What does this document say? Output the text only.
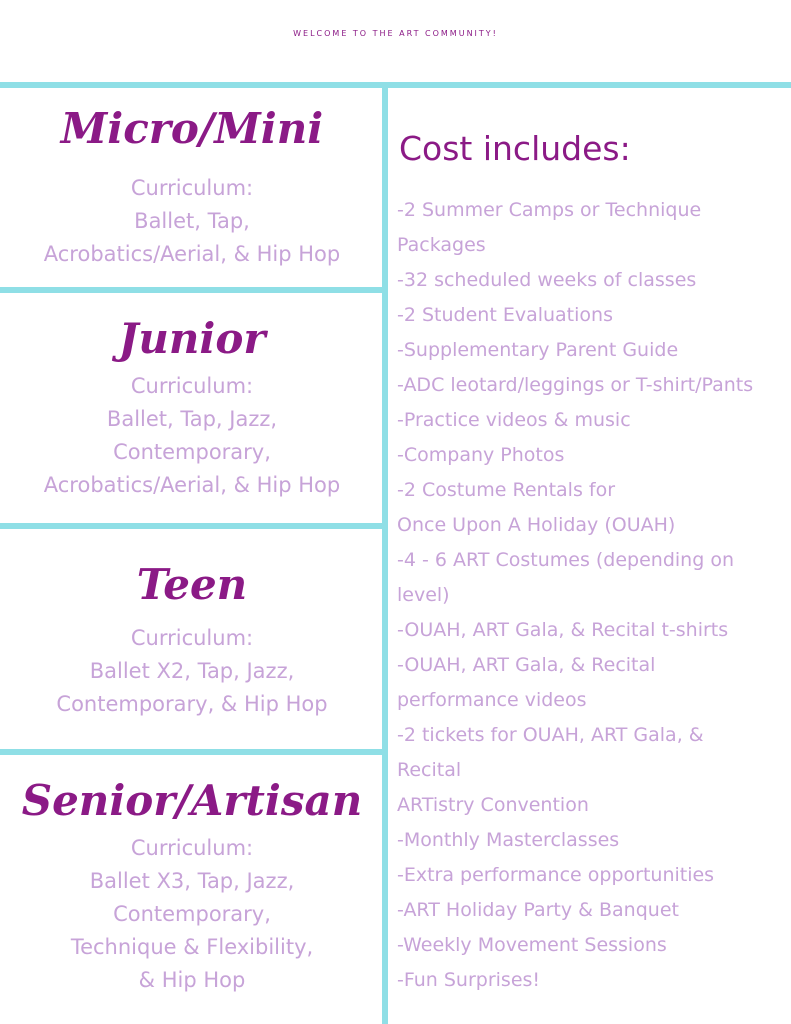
WELCOME TO THE ART COMMUNITY!
Micro/Mini
Curriculum:
Ballet, Tap,
Acrobatics/Aerial, & Hip Hop
Junior
Curriculum:
Ballet, Tap, Jazz,
Contemporary,
Acrobatics/Aerial, & Hip Hop
Teen
Curriculum:
Ballet X2, Tap, Jazz,
Contemporary, & Hip Hop
Senior/Artisan
Curriculum:
Ballet X3, Tap, Jazz,
Contemporary,
Technique & Flexibility,
& Hip Hop
Cost includes:
-2 Summer Camps or Technique
Packages
-32 scheduled weeks of classes
-2 Student Evaluations
-Supplementary Parent Guide
-ADC leotard/leggings or T-shirt/Pants
-Practice videos & music
-Company Photos
-2 Costume Rentals for
Once Upon A Holiday (OUAH)
-4 - 6 ART Costumes (depending on
level)
-OUAH, ART Gala, & Recital t-shirts
-OUAH, ART Gala, & Recital
performance videos
-2 tickets for OUAH, ART Gala, &
Recital
ARTistry Convention
-Monthly Masterclasses
-Extra performance opportunities
-ART Holiday Party & Banquet
-Weekly Movement Sessions
-Fun Surprises!
